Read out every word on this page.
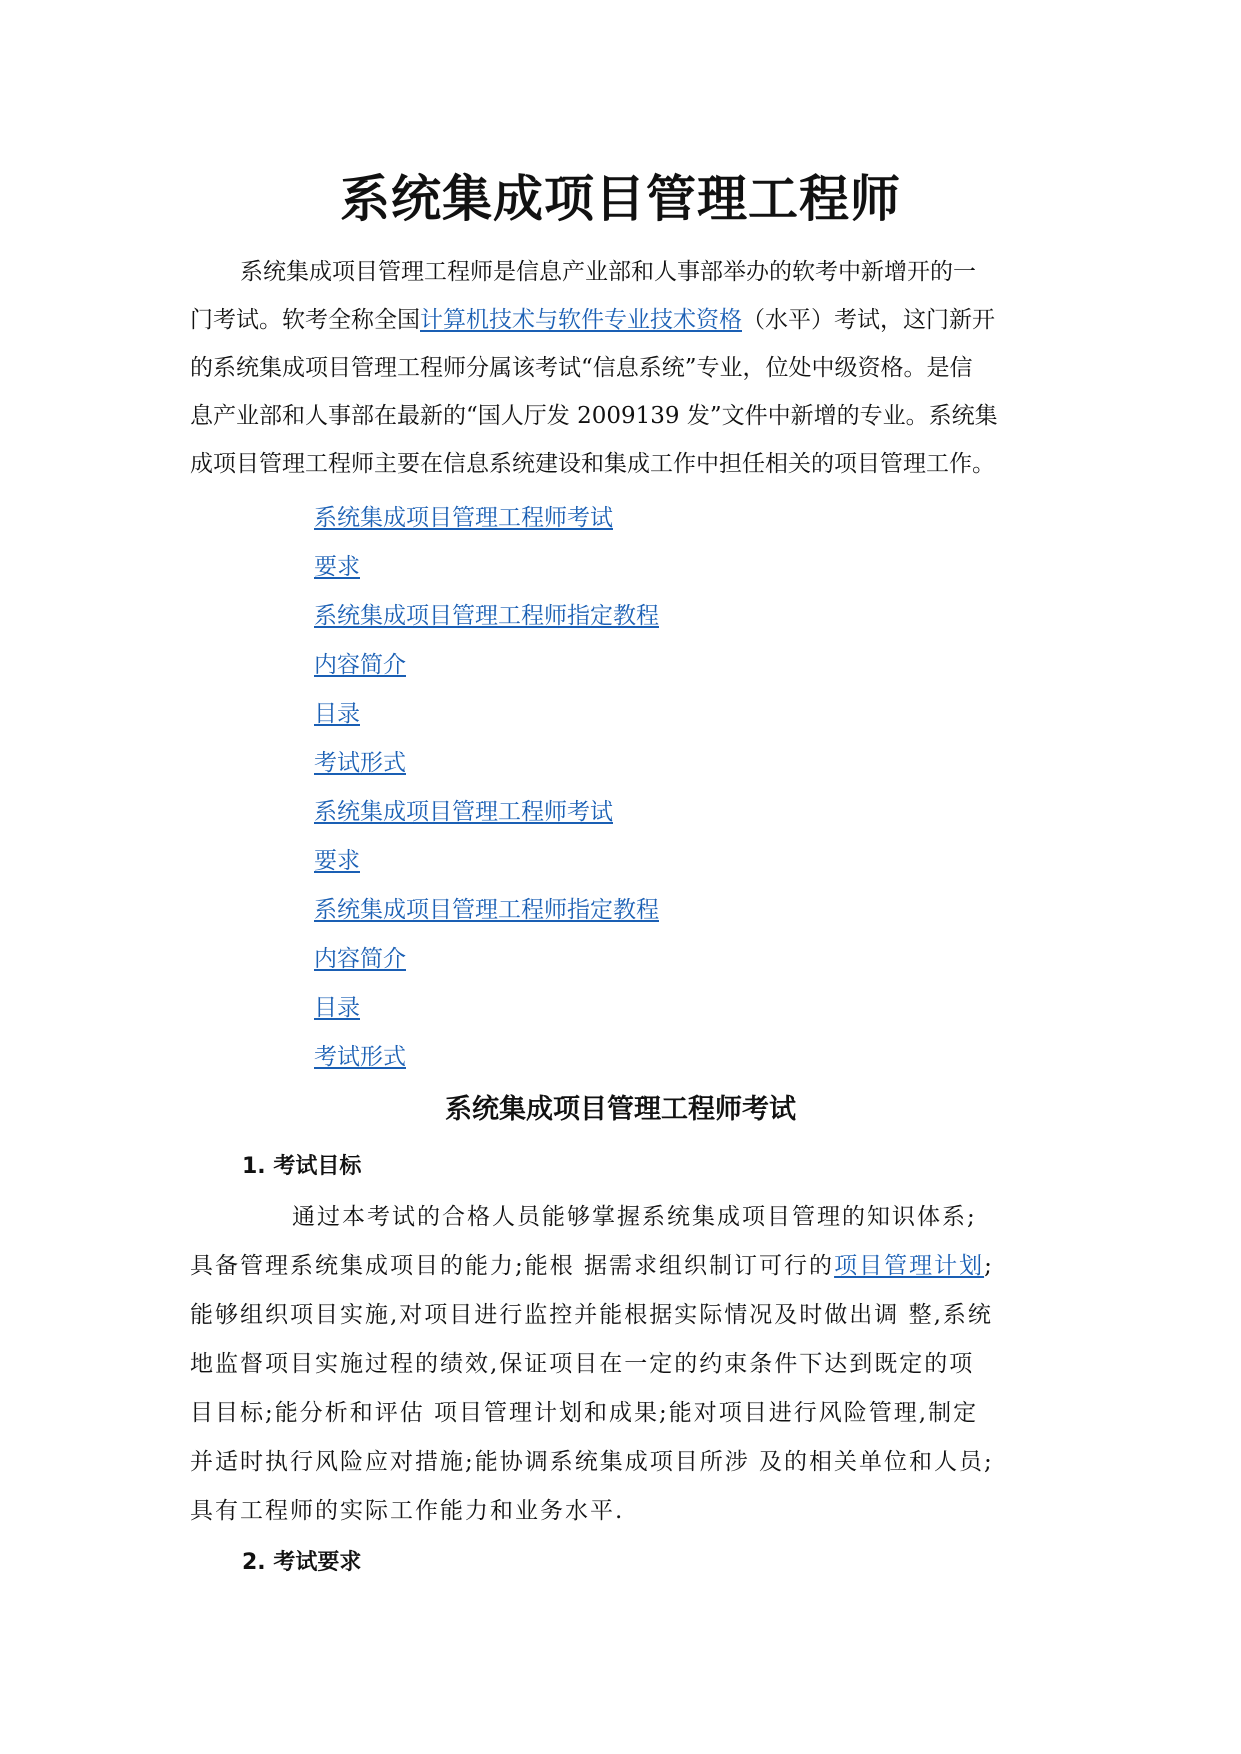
系统集成项目管理工程师

系统集成项目管理工程师是信息产业部和人事部举办的软考中新增开的一

门考试。软考全称全国计算机技术与软件专业技术资格（水平）考试，这门新开

的系统集成项目管理工程师分属该考试“信息系统”专业，位处中级资格。是信

息产业部和人事部在最新的“国人厅发 2009139 发”文件中新增的专业。系统集

成项目管理工程师主要在信息系统建设和集成工作中担任相关的项目管理工作。

系统集成项目管理工程师考试
要求
系统集成项目管理工程师指定教程
内容简介
目录
考试形式
系统集成项目管理工程师考试
要求
系统集成项目管理工程师指定教程
内容简介
目录
考试形式
系统集成项目管理工程师考试
1. 考试目标

通过本考试的合格人员能够掌握系统集成项目管理的知识体系;

具备管理系统集成项目的能力;能根 据需求组织制订可行的项目管理计划;

能够组织项目实施,对项目进行监控并能根据实际情况及时做出调 整,系统

地监督项目实施过程的绩效,保证项目在一定的约束条件下达到既定的项

目目标;能分析和评估 项目管理计划和成果;能对项目进行风险管理,制定

并适时执行风险应对措施;能协调系统集成项目所涉 及的相关单位和人员;

具有工程师的实际工作能力和业务水平.

2. 考试要求
